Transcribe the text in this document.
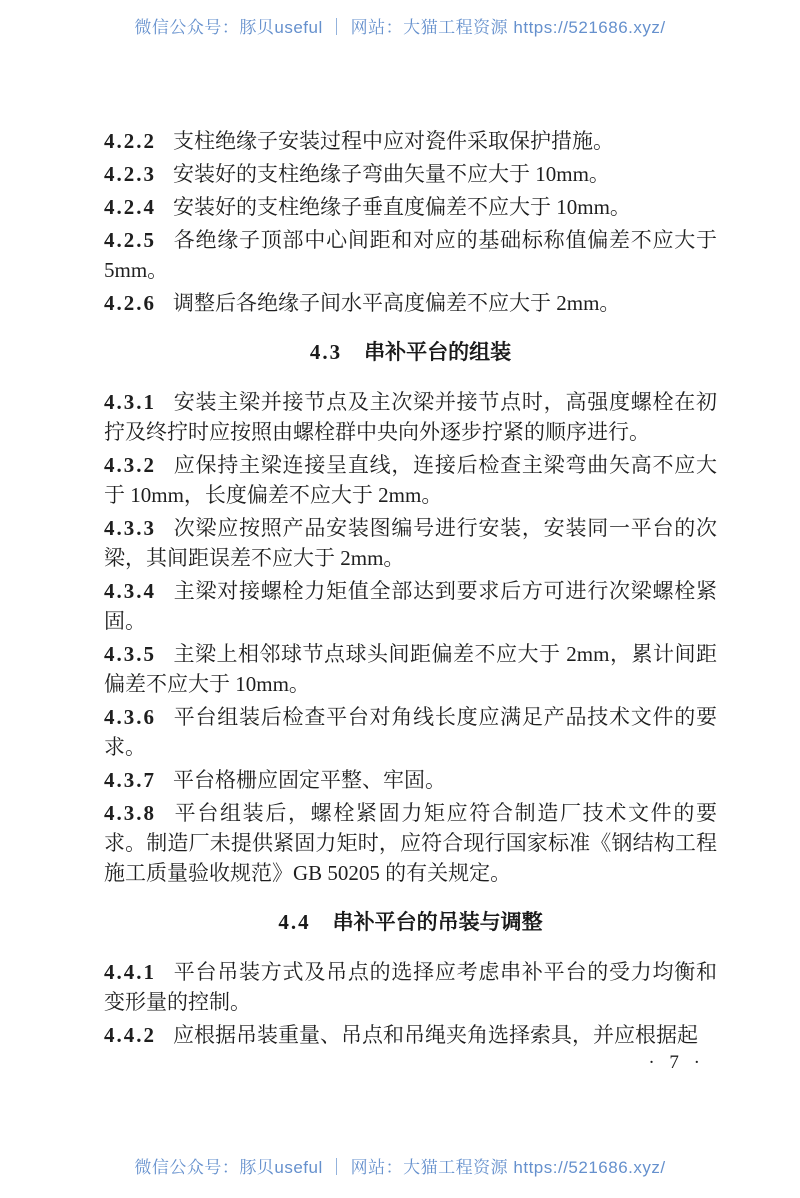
微信公众号：豚贝useful ｜ 网站：大猫工程资源 https://521686.xyz/

4.2.2 支柱绝缘子安装过程中应对瓷件采取保护措施。

4.2.3 安装好的支柱绝缘子弯曲矢量不应大于 10mm。

4.2.4 安装好的支柱绝缘子垂直度偏差不应大于 10mm。

4.2.5 各绝缘子顶部中心间距和对应的基础标称值偏差不应大于 5mm。

4.2.6 调整后各绝缘子间水平高度偏差不应大于 2mm。

4.3 串补平台的组装

4.3.1 安装主梁并接节点及主次梁并接节点时，高强度螺栓在初拧及终拧时应按照由螺栓群中央向外逐步拧紧的顺序进行。

4.3.2 应保持主梁连接呈直线，连接后检查主梁弯曲矢高不应大于 10mm，长度偏差不应大于 2mm。

4.3.3 次梁应按照产品安装图编号进行安装，安装同一平台的次梁，其间距误差不应大于 2mm。

4.3.4 主梁对接螺栓力矩值全部达到要求后方可进行次梁螺栓紧固。

4.3.5 主梁上相邻球节点球头间距偏差不应大于 2mm，累计间距偏差不应大于 10mm。

4.3.6 平台组装后检查平台对角线长度应满足产品技术文件的要求。

4.3.7 平台格栅应固定平整、牢固。

4.3.8 平台组装后，螺栓紧固力矩应符合制造厂技术文件的要求。制造厂未提供紧固力矩时，应符合现行国家标准《钢结构工程施工质量验收规范》GB 50205 的有关规定。

4.4 串补平台的吊装与调整

4.4.1 平台吊装方式及吊点的选择应考虑串补平台的受力均衡和变形量的控制。

4.4.2 应根据吊装重量、吊点和吊绳夹角选择索具，并应根据起

· 7 ·
微信公众号：豚贝useful ｜ 网站：大猫工程资源 https://521686.xyz/
